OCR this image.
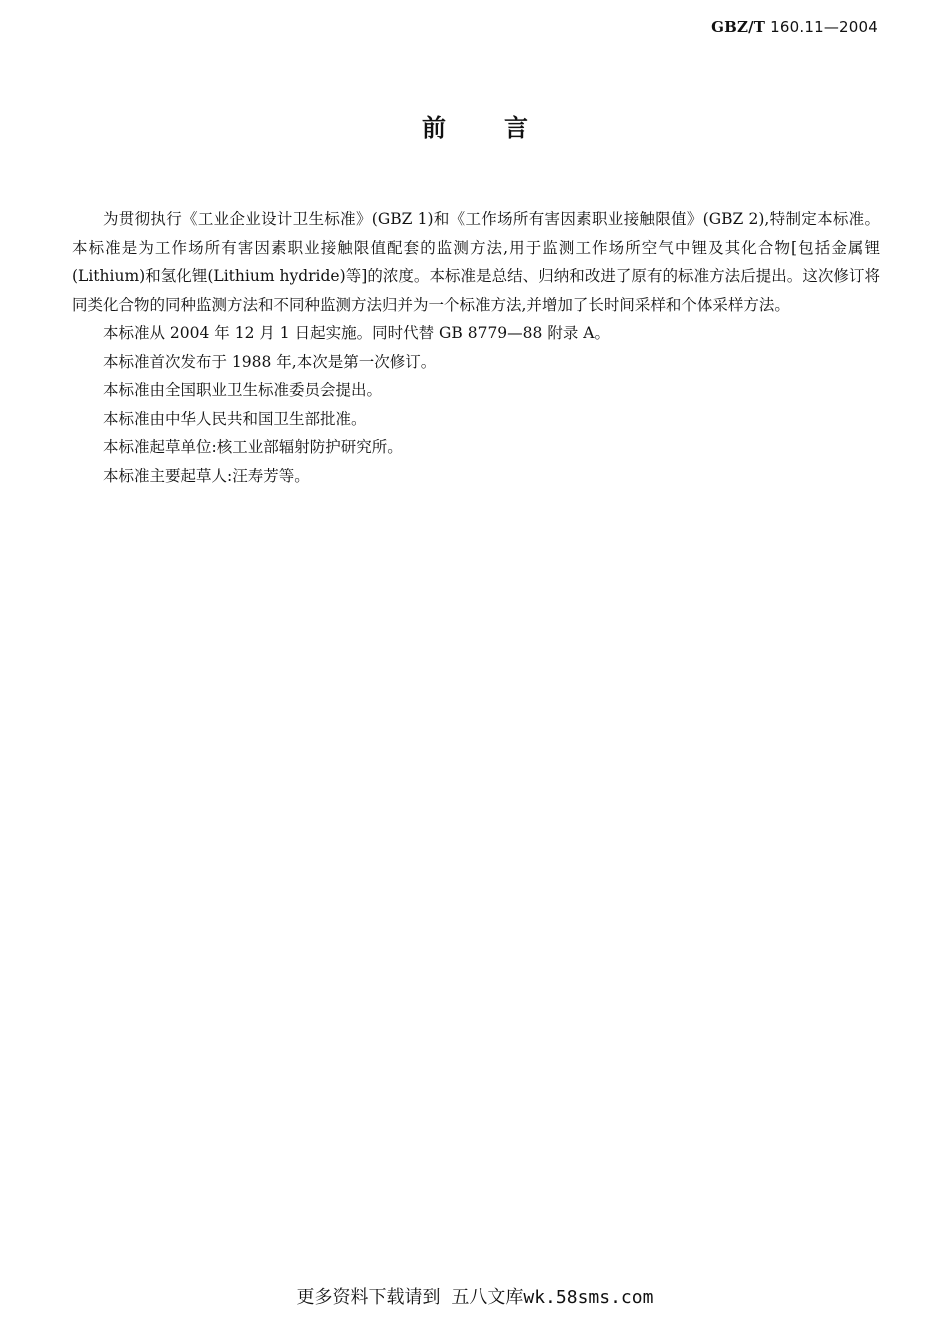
GBZ/T 160.11—2004
前言

为贯彻执行《工业企业设计卫生标准》(GBZ 1)和《工作场所有害因素职业接触限值》(GBZ 2),特制定本标准。本标准是为工作场所有害因素职业接触限值配套的监测方法,用于监测工作场所空气中锂及其化合物[包括金属锂(Lithium)和氢化锂(Lithium hydride)等]的浓度。本标准是总结、归纳和改进了原有的标准方法后提出。这次修订将同类化合物的同种监测方法和不同种监测方法归并为一个标准方法,并增加了长时间采样和个体采样方法。

本标准从 2004 年 12 月 1 日起实施。同时代替 GB 8779—88 附录 A。

本标准首次发布于 1988 年,本次是第一次修订。

本标准由全国职业卫生标准委员会提出。

本标准由中华人民共和国卫生部批准。

本标准起草单位:核工业部辐射防护研究所。

本标准主要起草人:汪寿芳等。

更多资料下载请到 五八文库wk.58sms.com
